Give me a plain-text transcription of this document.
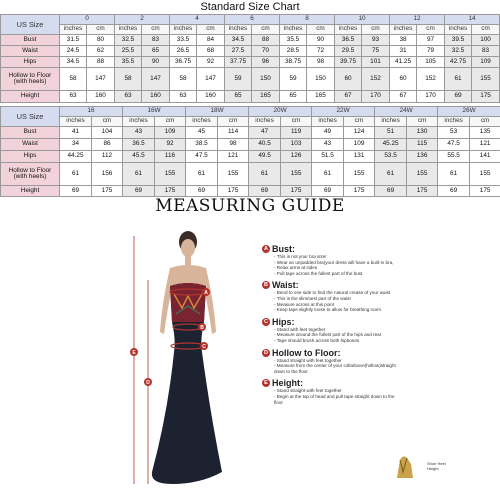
Standard Size Chart
US Size	0		2		4		6		8		10		12		14	
	inches	cm	inches	cm	inches	cm	inches	cm	inches	cm	inches	cm	inches	cm	inches	cm
Bust	31.5	80	32.5	83	33.5	84	34.5	88	35.5	90	36.5	93	38	97	39.5	100
Waist	24.5	62	25.5	65	26.5	68	27.5	70	28.5	72	29.5	75	31	79	32.5	83
Hips	34.5	88	35.5	90	36.75	92	37.75	96	38.75	98	39.75	101	41.25	105	42.75	109

Hollow to Floor
(with heels)	58	147	58	147	58	147	59	150	59	150	60	152	60	152	61	155
Height	63	160	63	160	63	160	65	165	65	165	67	170	67	170	69	175
US Size	16		16W		18W		20W		22W		24W		26W	
	inches	cm	inches	cm	inches	cm	inches	cm	inches	cm	inches	cm	inches	cm
Bust	41	104	43	109	45	114	47	119	49	124	51	130	53	135
Waist	34	86	36.5	92	38.5	98	40.5	103	43	109	45.25	115	47.5	121
Hips	44.25	112	45.5	116	47.5	121	49.5	126	51.5	131	53.5	136	55.5	141

Hollow to Floor
(with heels)	61	156	61	155	61	155	61	155	61	155	61	155	61	155
Height	69	175	69	175	69	175	69	175	69	175	69	175	69	175
MEASURING GUIDE
A
B
C
D
E
A Bust:
- This is not your bra size!
- Wear an unpadded bra(your dress will have a built-in bra,
- Relax arms at sides
- Pull tape across the fullest part of the bust
B Waist:
- Bend to one side to find the natural crease of your waist
- This is the slimmest part of the waist
- Measure across at this point
- Keep tape slightly loose to allow for breathing room
C Hips:
- Stand with feet together
- Measure around the fullest part of the hips and rear
- Tape should brush across both hipbones
D Hollow to Floor:
- Stand straight with feet together
- Measure from the center of your collarbone(hollow)straight
down to the floor
E Height:
- Stand straight with feet together
- Begin at the top of head and pull tape straight down to the
floor
Shoe Heel
Height
